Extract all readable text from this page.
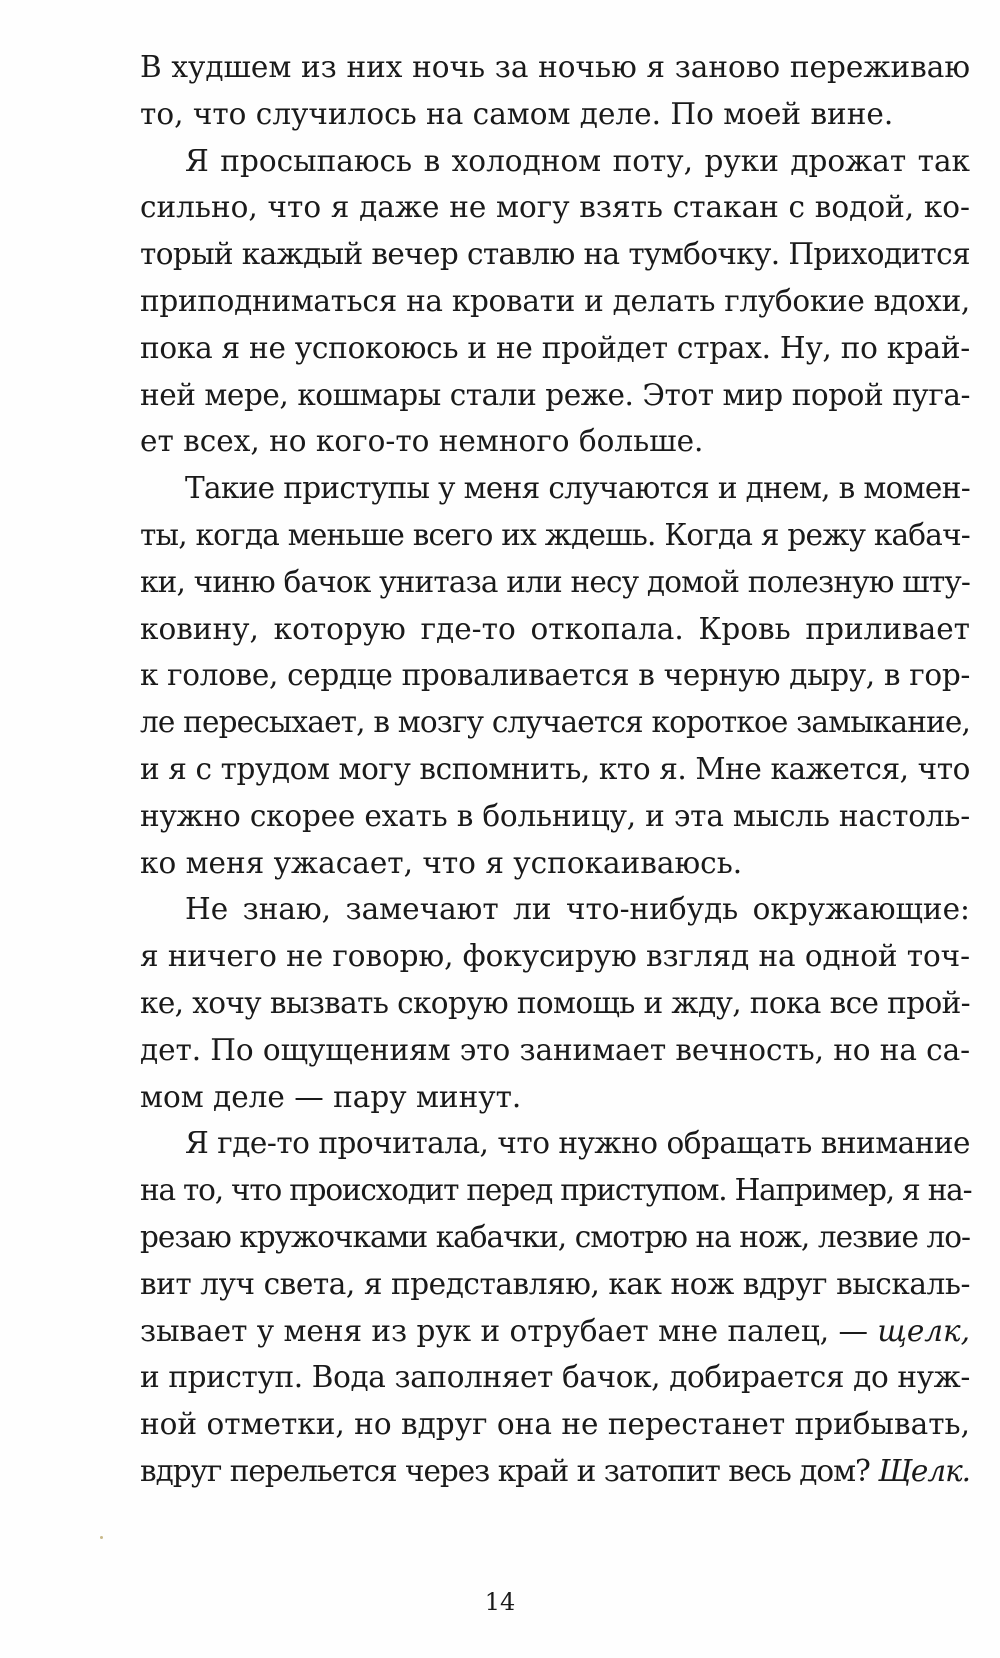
В худшем из них ночь за ночью я заново переживаю
то, что случилось на самом деле. По моей вине.
Я просыпаюсь в холодном поту, руки дрожат так
сильно, что я даже не могу взять стакан с водой, ко-
торый каждый вечер ставлю на тумбочку. Приходится
приподниматься на кровати и делать глубокие вдохи,
пока я не успокоюсь и не пройдет страх. Ну, по край-
ней мере, кошмары стали реже. Этот мир порой пуга-
ет всех, но кого-то немного больше.
Такие приступы у меня случаются и днем, в момен-
ты, когда меньше всего их ждешь. Когда я режу кабач-
ки, чиню бачок унитаза или несу домой полезную шту-
ковину, которую где-то откопала. Кровь приливает
к голове, сердце проваливается в черную дыру, в гор-
ле пересыхает, в мозгу случается короткое замыкание,
и я с трудом могу вспомнить, кто я. Мне кажется, что
нужно скорее ехать в больницу, и эта мысль настоль-
ко меня ужасает, что я успокаиваюсь.
Не знаю, замечают ли что-нибудь окружающие:
я ничего не говорю, фокусирую взгляд на одной точ-
ке, хочу вызвать скорую помощь и жду, пока все прой-
дет. По ощущениям это занимает вечность, но на са-
мом деле — пару минут.
Я где-то прочитала, что нужно обращать внимание
на то, что происходит перед приступом. Например, я на-
резаю кружочками кабачки, смотрю на нож, лезвие ло-
вит луч света, я представляю, как нож вдруг выскаль-
зывает у меня из рук и отрубает мне палец, — щелк,
и приступ. Вода заполняет бачок, добирается до нуж-
ной отметки, но вдруг она не перестанет прибывать,
вдруг перельется через край и затопит весь дом? Щелк.
14
